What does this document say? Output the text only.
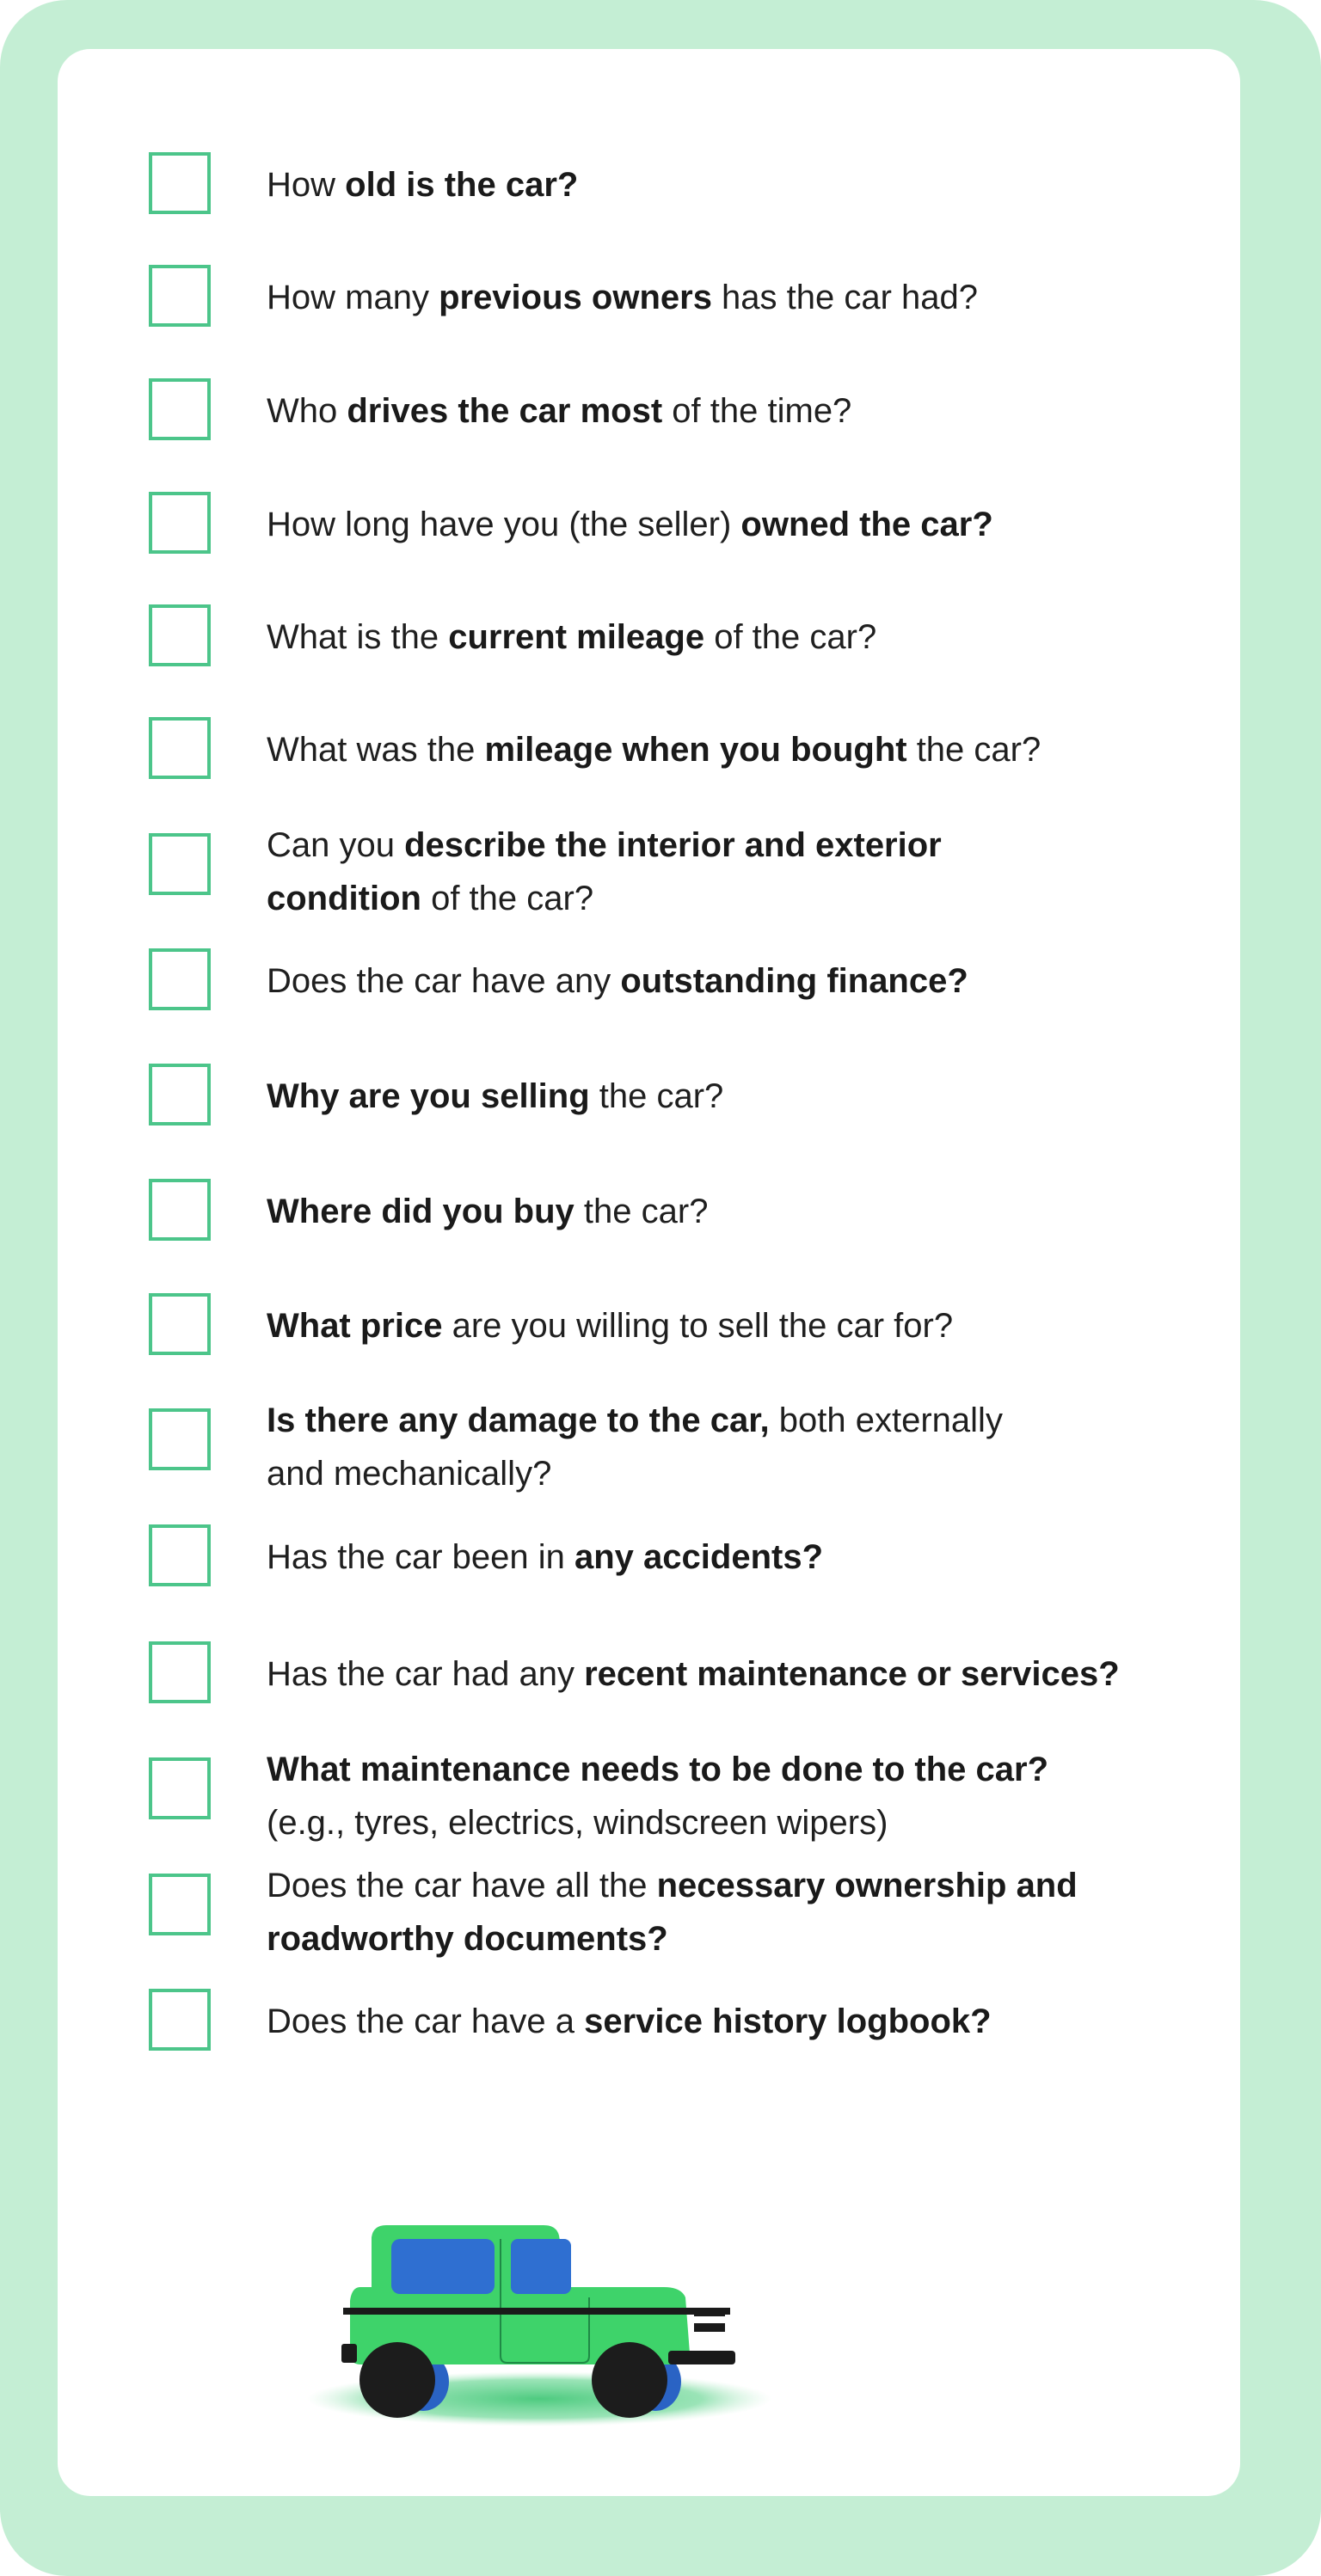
How old is the car?
How many previous owners has the car had?
Who drives the car most of the time?
How long have you (the seller) owned the car?
What is the current mileage of the car?
What was the mileage when you bought the car?
Can you describe the interior and exterior
condition of the car?
Does the car have any outstanding finance?
Why are you selling the car?
Where did you buy the car?
What price are you willing to sell the car for?
Is there any damage to the car, both externally
and mechanically?
Has the car been in any accidents?
Has the car had any recent maintenance or services?
What maintenance needs to be done to the car?
(e.g., tyres, electrics, windscreen wipers)
Does the car have all the necessary ownership and
roadworthy documents?
Does the car have a service history logbook?
